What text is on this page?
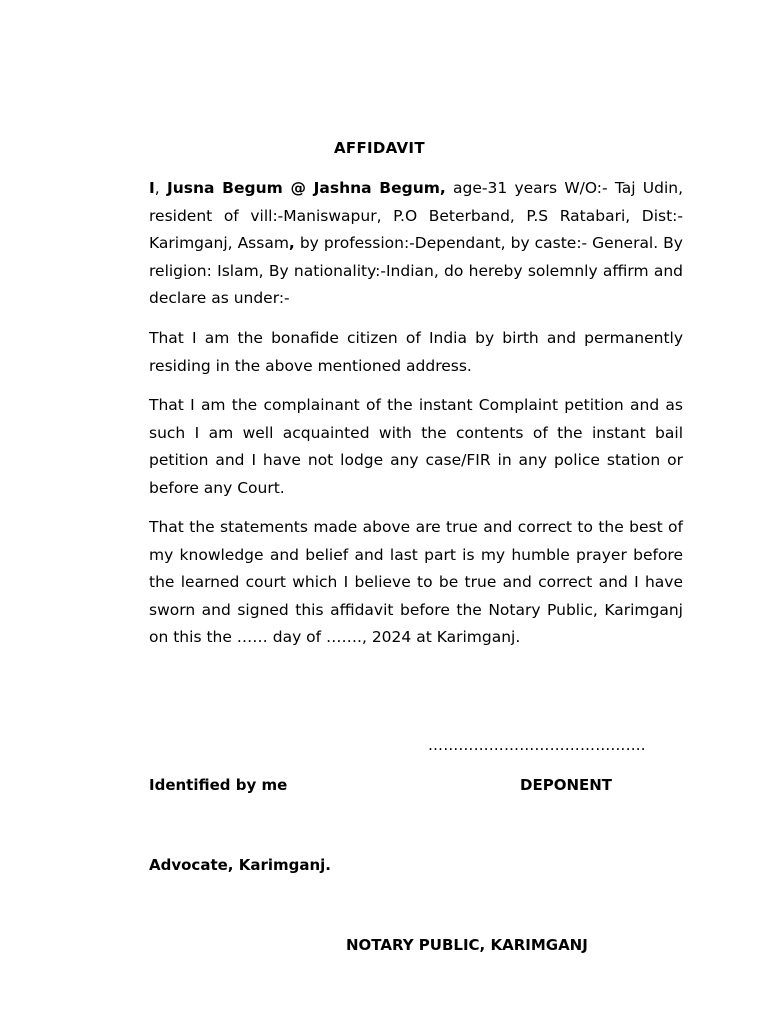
AFFIDAVIT

I, Jusna Begum @ Jashna Begum, age-31 years W/O:- Taj Udin, resident of vill:-Maniswapur, P.O Beterband, P.S Ratabari, Dist:-Karimganj, Assam, by profession:-Dependant, by caste:- General. By religion: Islam, By nationality:-Indian, do hereby solemnly affirm and declare as under:-

That I am the bonafide citizen of India by birth and permanently residing in the above mentioned address.

That I am the complainant of the instant Complaint petition and as such I am well acquainted with the contents of the instant bail petition and I have not lodge any case/FIR in any police station or before any Court.

That the statements made above are true and correct to the best of my knowledge and belief and last part is my humble prayer before the learned court which I believe to be true and correct and I have sworn and signed this affidavit before the Notary Public, Karimganj on this the …… day of ……., 2024 at Karimganj.

…………………………………….
Identified by me	DEPONENT
Advocate, Karimganj.
NOTARY PUBLIC, KARIMGANJ
